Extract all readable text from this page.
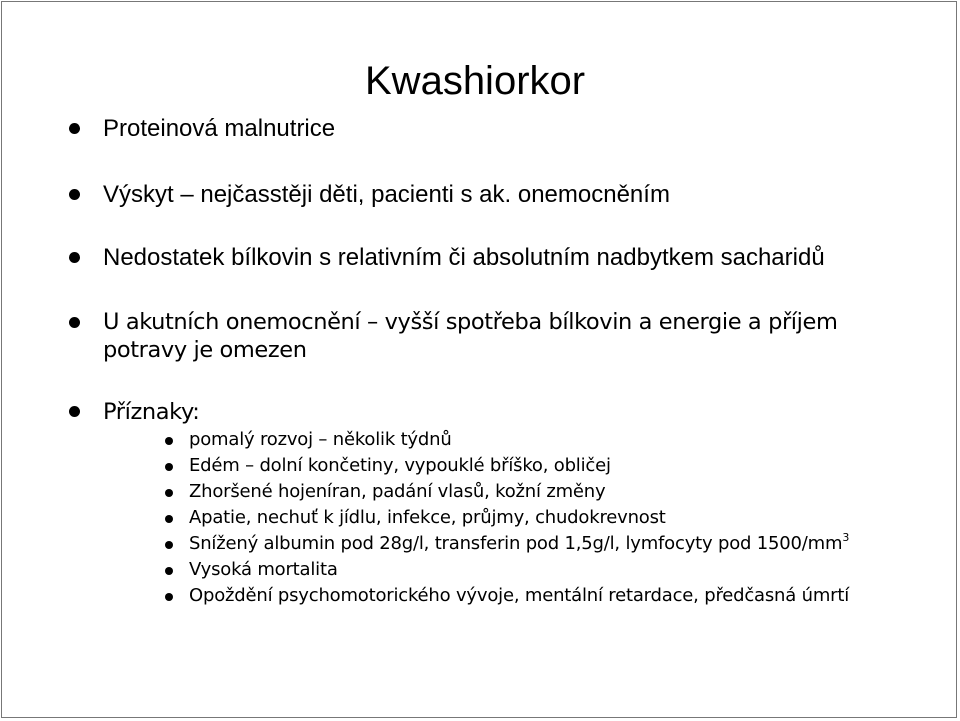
Kwashiorkor
Proteinová malnutrice
Výskyt – nejčasstěji děti, pacienti s ak. onemocněním
Nedostatek bílkovin s relativním či absolutním nadbytkem sacharidů
U akutních onemocnění – vyšší spotřeba bílkovin a energie a příjem potravy je omezen
Příznaky:
pomalý rozvoj – několik týdnů
Edém – dolní končetiny, vypouklé bříško, obličej
Zhoršené hojeníran, padání vlasů, kožní změny
Apatie, nechuť k jídlu, infekce, průjmy, chudokrevnost
Snížený albumin pod 28g/l, transferin pod 1,5g/l, lymfocyty pod $1500/mm^3$
Vysoká mortalita
Opoždění psychomotorického vývoje, mentální retardace, předčasná úmrtí
